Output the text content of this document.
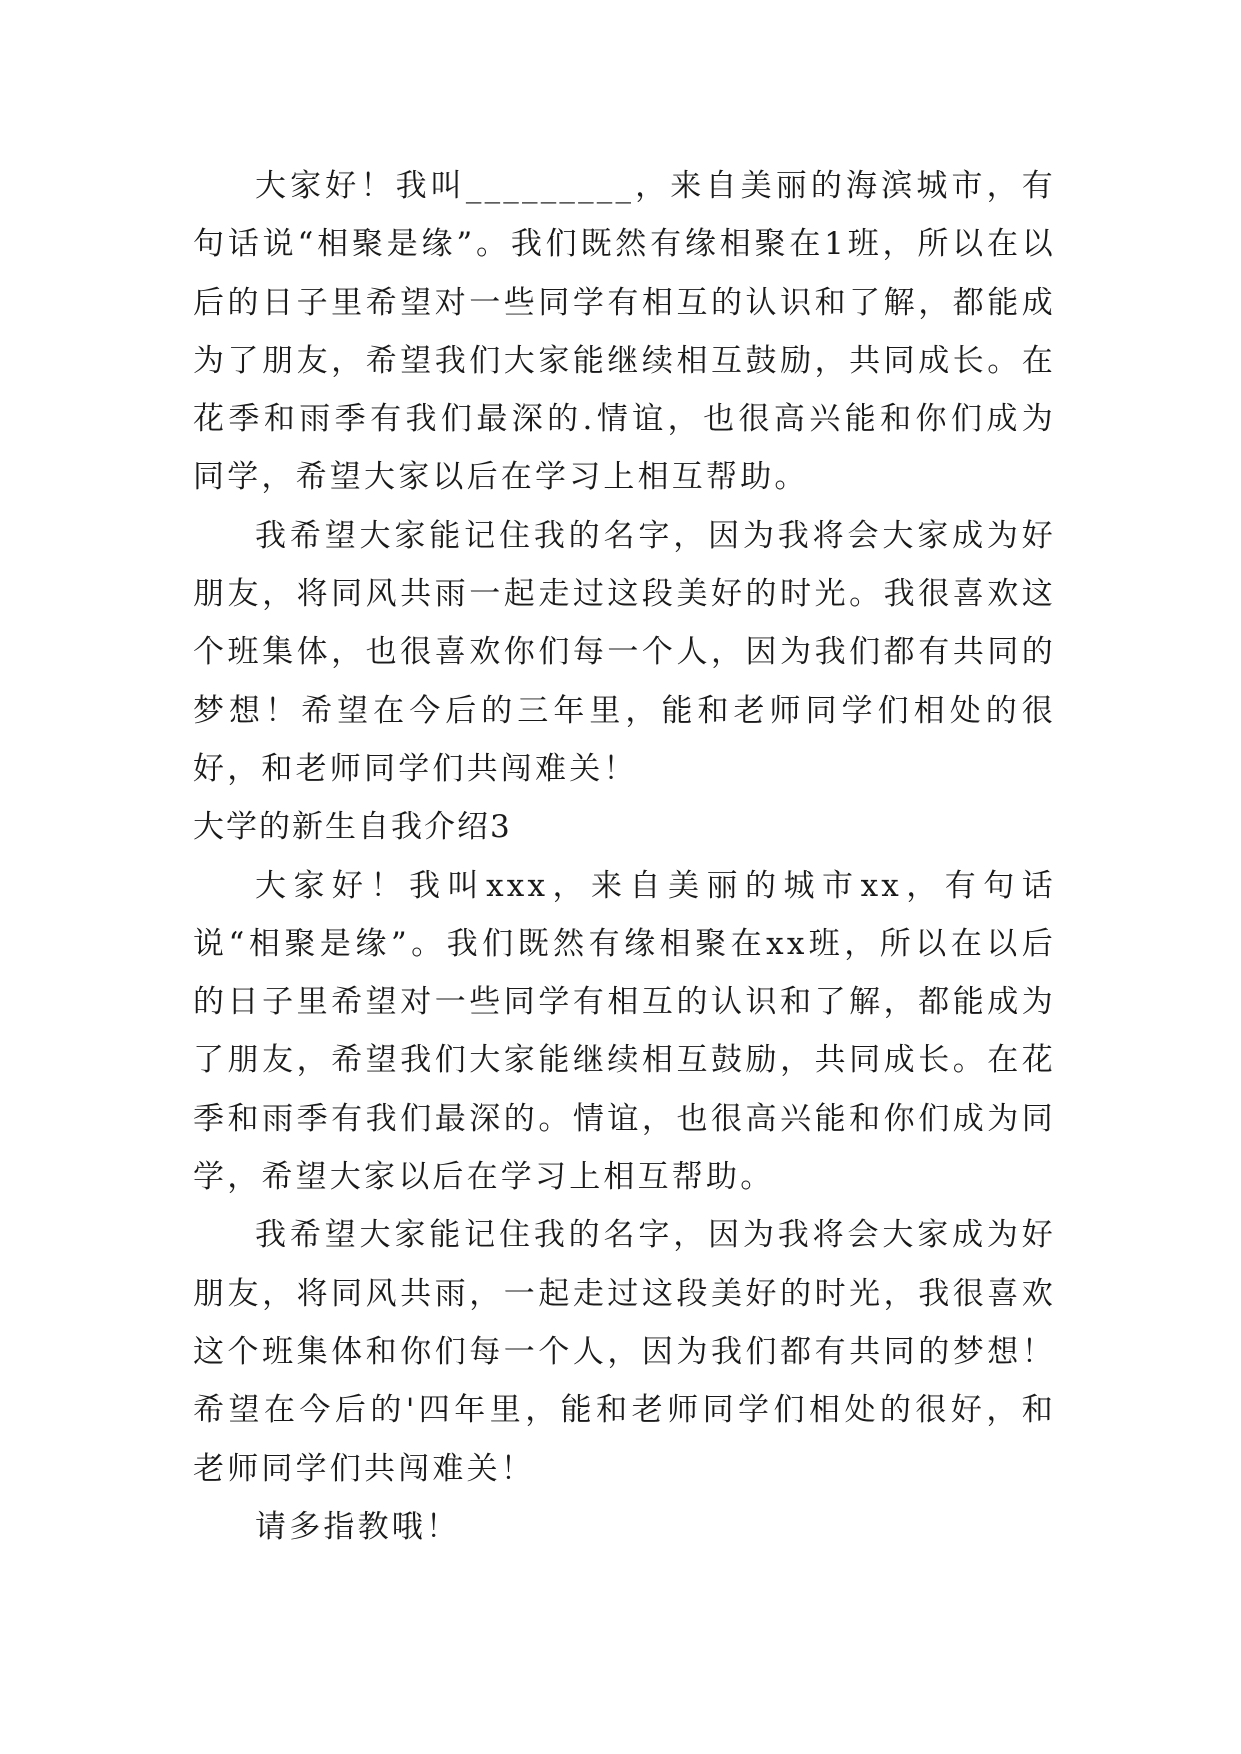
大家好！我叫_________，来自美丽的海滨城市，有句话说“相聚是缘”。我们既然有缘相聚在1班，所以在以后的日子里希望对一些同学有相互的认识和了解，都能成为了朋友，希望我们大家能继续相互鼓励，共同成长。在花季和雨季有我们最深的.情谊，也很高兴能和你们成为同学，希望大家以后在学习上相互帮助。

我希望大家能记住我的名字，因为我将会大家成为好朋友，将同风共雨一起走过这段美好的时光。我很喜欢这个班集体，也很喜欢你们每一个人，因为我们都有共同的梦想！希望在今后的三年里，能和老师同学们相处的很好，和老师同学们共闯难关！

大学的新生自我介绍3

大家好！我叫xxx，来自美丽的城市xx，有句话说“相聚是缘”。我们既然有缘相聚在xx班，所以在以后的日子里希望对一些同学有相互的认识和了解，都能成为了朋友，希望我们大家能继续相互鼓励，共同成长。在花季和雨季有我们最深的。情谊，也很高兴能和你们成为同学，希望大家以后在学习上相互帮助。

我希望大家能记住我的名字，因为我将会大家成为好朋友，将同风共雨，一起走过这段美好的时光，我很喜欢这个班集体和你们每一个人，因为我们都有共同的梦想！希望在今后的'四年里，能和老师同学们相处的很好，和老师同学们共闯难关！

请多指教哦！
